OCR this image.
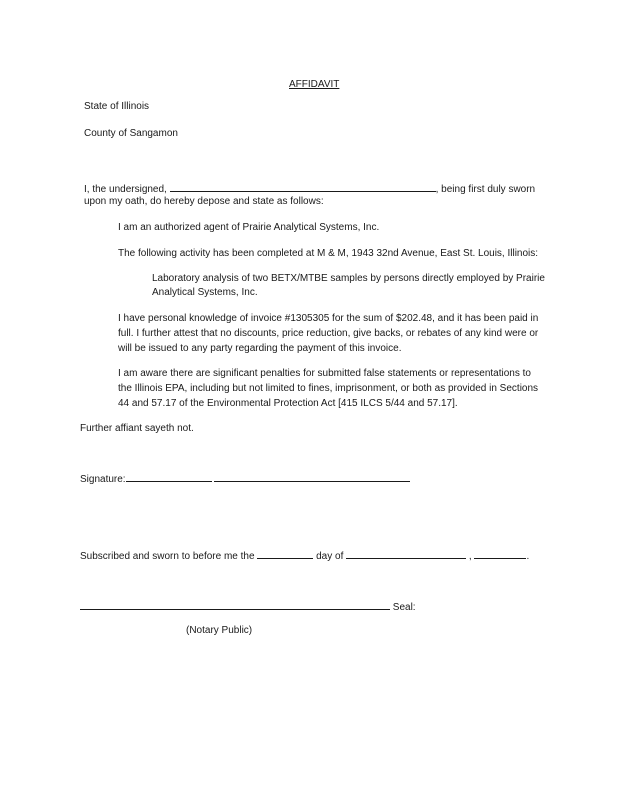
AFFIDAVIT
State of Illinois
County of Sangamon
I, the undersigned,	, being first duly sworn
upon my oath, do hereby depose and state as follows:
I am an authorized agent of Prairie Analytical Systems, Inc.
The following activity has been completed at M & M, 1943 32nd Avenue, East St. Louis, Illinois:
Laboratory analysis of two BETX/MTBE samples by persons directly employed by Prairie
Analytical Systems, Inc.
I have personal knowledge of invoice #1305305 for the sum of $202.48, and it has been paid in
full. I further attest that no discounts, price reduction, give backs, or rebates of any kind were or
will be issued to any party regarding the payment of this invoice.
I am aware there are significant penalties for submitted false statements or representations to
the Illinois EPA, including but not limited to fines, imprisonment, or both as provided in Sections
44 and 57.17 of the Environmental Protection Act [415 ILCS 5/44 and 57.17].
Further affiant sayeth not.
Signature:
Subscribed and sworn to before me the	day of	,	.
Seal:
(Notary Public)
